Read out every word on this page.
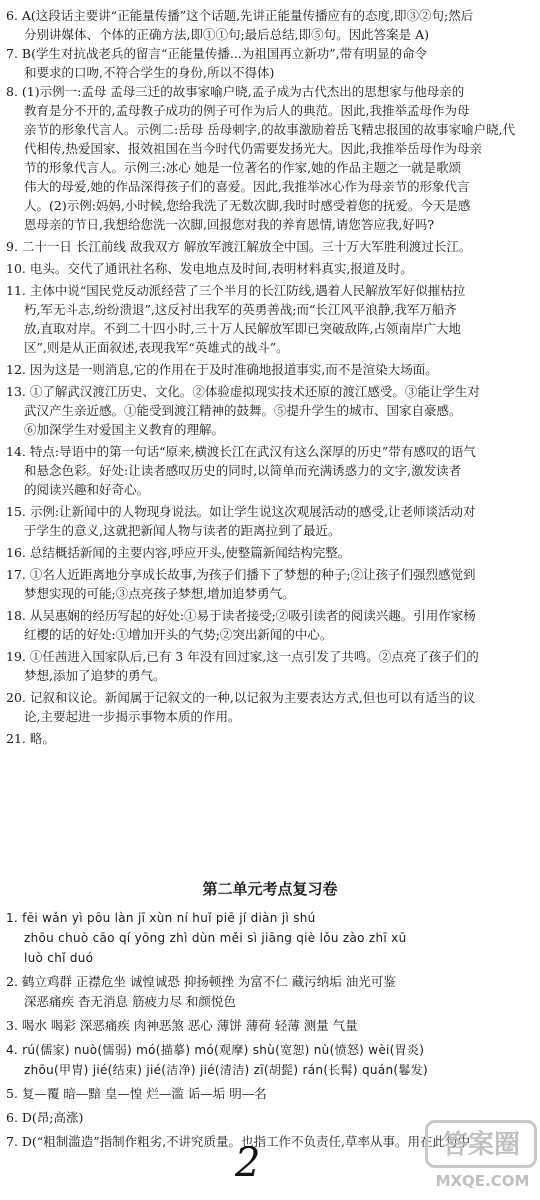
6. A(这段话主要讲“正能量传播”这个话题,先讲正能量传播应有的态度,即③②句;然后
分别讲媒体、个体的正确方法,即①①句;最后总结,即⑤句。因此答案是 A)
7. B(学生对抗战老兵的留言“正能量传播...为祖国再立新功”,带有明显的命令
和要求的口吻,不符合学生的身份,所以不得体)
8. (1)示例一:孟母 孟母三迁的故事家喻户晓,孟子成为古代杰出的思想家与他母亲的
教育是分不开的,孟母教子成功的例子可作为后人的典范。因此,我推举孟母作为母
亲节的形象代言人。示例二:岳母 岳母刺字,的故事激励着岳飞精忠报国的故事家喻户晓,代
代相传,热爱国家、报效祖国在当今时代仍需要发扬光大。因此,我推举岳母作为母亲
节的形象代言人。示例三:冰心 她是一位著名的作家,她的作品主题之一就是歌颂
伟大的母爱,她的作品深得孩子们的喜爱。因此,我推举冰心作为母亲节的形象代言
人。(2)示例:妈妈,小时候,您给我洗了无数次脚,我时时感受着您的抚爱。今天是感
恩母亲的节日,我想给您洗一次脚,回报您对我的养育恩情,请您答应我,好吗?
9. 二十一日 长江前线 敌我双方 解放军渡江解放全中国。三十万大军胜利渡过长江。
10. 电头。交代了通讯社名称、发电地点及时间,表明材料真实,报道及时。
11. 主体中说“国民党反动派经营了三个半月的长江防线,遇着人民解放军好似摧枯拉
朽,军无斗志,纷纷溃退”,这反衬出我军的英勇善战;而“长江风平浪静,我军万船齐
放,直取对岸。不到二十四小时,三十万人民解放军即已突破敌阵,占领南岸广大地
区”,则是从正面叙述,表现我军“英雄式的战斗”。
12. 因为这是一则消息,它的作用在于及时准确地报道事实,而不是渲染大场面。
13. ①了解武汉渡江历史、文化。②体验虚拟现实技术还原的渡江感受。③能让学生对
武汉产生亲近感。①能受到渡江精神的鼓舞。⑤提升学生的城市、国家自豪感。
⑥加深学生对爱国主义教育的理解。
14. 特点:导语中的第一句话“原来,横渡长江在武汉有这么深厚的历史”带有感叹的语气
和悬念色彩。好处:让读者感叹历史的同时,以简单而充满诱惑力的文字,激发读者
的阅读兴趣和好奇心。
15. 示例:让新闻中的人物现身说法。如让学生说这次观展活动的感受,让老师谈活动对
于学生的意义,这就把新闻人物与读者的距离拉到了最近。
16. 总结概括新闻的主要内容,呼应开头,使整篇新闻结构完整。
17. ①名人近距离地分享成长故事,为孩子们播下了梦想的种子;②让孩子们强烈感觉到
梦想实现的可能;③点亮孩子梦想,增加追梦勇气。
18. 从吴惠娴的经历写起的好处:①易于读者接受;②吸引读者的阅读兴趣。引用作家杨
红樱的话的好处:①增加开头的气势;②突出新闻的中心。
19. ①任茜进入国家队后,已有 3 年没有回过家,这一点引发了共鸣。②点亮了孩子们的
梦想,添加了追梦的勇气。
20. 记叙和议论。新闻属于记叙文的一种,以记叙为主要表达方式,但也可以有适当的议
论,主要起进一步揭示事物本质的作用。
21. 略。
第二单元考点复习卷
1. fēi wǎn yì pōu làn jī xùn ní huǐ piē jí diàn jì shú
zhōu chuò cāo qí yōng zhì dùn měi sì jiāng qiè lǒu zào zhī xū
luò chǐ duó
2. 鹤立鸡群 正襟危坐 诚惶诚恐 抑扬顿挫 为富不仁 藏污纳垢 油光可鉴
深恶痛疾 杳无消息 筋疲力尽 和颜悦色
3. 喝水 喝彩 深恶痛疾 肉神恶煞 恶心 薄饼 薄荷 轻薄 测量 气量
4. rú(儒家) nuò(懦弱) mó(描摹) mó(观摩) shù(宽恕) nù(愤怒) wèi(胃炎)
zhōu(甲胄) jié(结束) jié(洁净) jié(清洁) zī(胡髭) rán(长髯) quán(鬈发)
5. 复—覆 暗—黯 皇—惶 烂—滥 诟—垢 明—名
6. D(昂;高涨)
7. D(“粗制滥造”指制作粗劣,不讲究质量。也指工作不负责任,草率从事。用在此句中
2	答案圈
MXQE.COM
